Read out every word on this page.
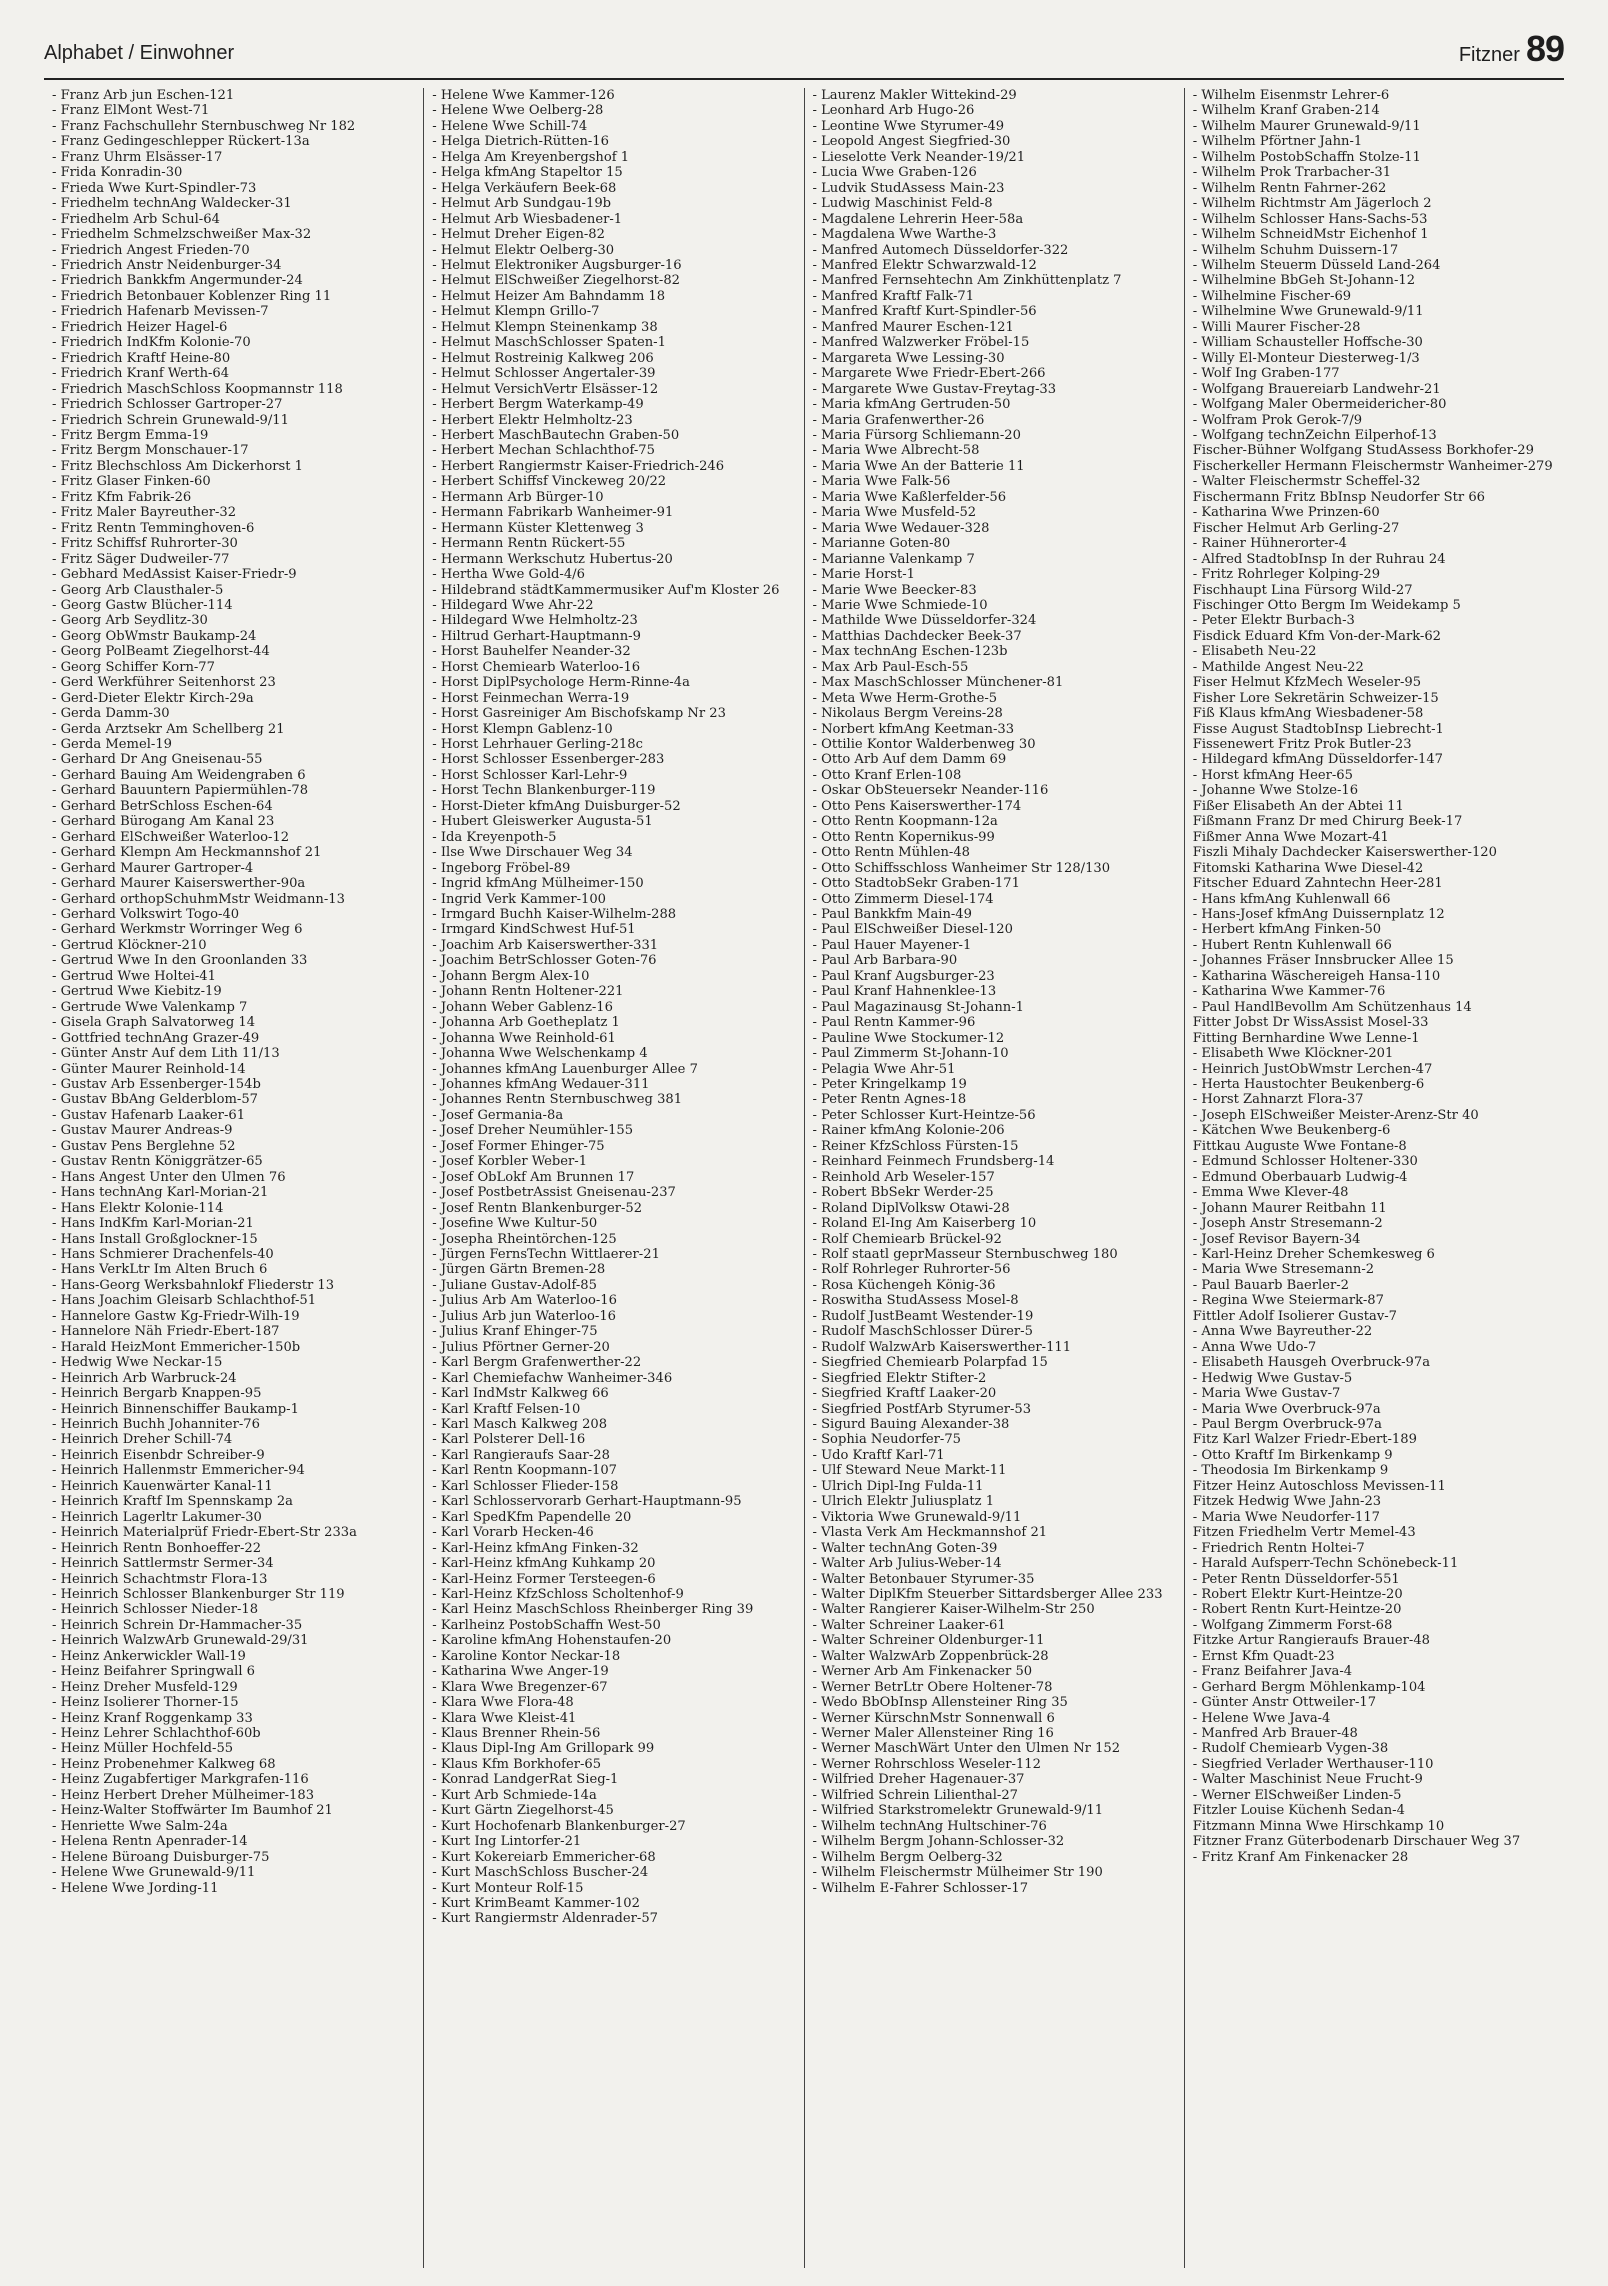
Alphabet / Einwohner	Fitzner 89
- Franz Arb jun Eschen-121
- Franz ElMont West-71
- Franz Fachschullehr Sternbuschweg Nr 182
- Franz Gedingeschlepper Rückert-13a
- Franz Uhrm Elsässer-17
- Frida Konradin-30
- Frieda Wwe Kurt-Spindler-73
- Friedhelm technAng Waldecker-31
- Friedhelm Arb Schul-64
- Friedhelm Schmelzschweißer Max-32
- Friedrich Angest Frieden-70
- Friedrich Anstr Neidenburger-34
- Friedrich Bankkfm Angermunder-24
- Friedrich Betonbauer Koblenzer Ring 11
- Friedrich Hafenarb Mevissen-7
- Friedrich Heizer Hagel-6
- Friedrich IndKfm Kolonie-70
- Friedrich Kraftf Heine-80
- Friedrich Kranf Werth-64
- Friedrich MaschSchloss Koopmannstr 118
- Friedrich Schlosser Gartroper-27
- Friedrich Schrein Grunewald-9/11
- Fritz Bergm Emma-19
- Fritz Bergm Monschauer-17
- Fritz Blechschloss Am Dickerhorst 1
- Fritz Glaser Finken-60
- Fritz Kfm Fabrik-26
- Fritz Maler Bayreuther-32
- Fritz Rentn Temminghoven-6
- Fritz Schiffsf Ruhrorter-30
- Fritz Säger Dudweiler-77
- Gebhard MedAssist Kaiser-Friedr-9
- Georg Arb Clausthaler-5
- Georg Gastw Blücher-114
- Georg Arb Seydlitz-30
- Georg ObWmstr Baukamp-24
- Georg PolBeamt Ziegelhorst-44
- Georg Schiffer Korn-77
- Gerd Werkführer Seitenhorst 23
- Gerd-Dieter Elektr Kirch-29a
- Gerda Damm-30
- Gerda Arztsekr Am Schellberg 21
- Gerda Memel-19
- Gerhard Dr Ang Gneisenau-55
- Gerhard Bauing Am Weidengraben 6
- Gerhard Bauuntern Papiermühlen-78
- Gerhard BetrSchloss Eschen-64
- Gerhard Bürogang Am Kanal 23
- Gerhard ElSchweißer Waterloo-12
- Gerhard Klempn Am Heckmannshof 21
- Gerhard Maurer Gartroper-4
- Gerhard Maurer Kaiserswerther-90a
- Gerhard orthopSchuhmMstr Weidmann-13
- Gerhard Volkswirt Togo-40
- Gerhard Werkmstr Worringer Weg 6
- Gertrud Klöckner-210
- Gertrud Wwe In den Groonlanden 33
- Gertrud Wwe Holtei-41
- Gertrud Wwe Kiebitz-19
- Gertrude Wwe Valenkamp 7
- Gisela Graph Salvatorweg 14
- Gottfried technAng Grazer-49
- Günter Anstr Auf dem Lith 11/13
- Günter Maurer Reinhold-14
- Gustav Arb Essenberger-154b
- Gustav BbAng Gelderblom-57
- Gustav Hafenarb Laaker-61
- Gustav Maurer Andreas-9
- Gustav Pens Berglehne 52
- Gustav Rentn Königgrätzer-65
- Hans Angest Unter den Ulmen 76
- Hans technAng Karl-Morian-21
- Hans Elektr Kolonie-114
- Hans IndKfm Karl-Morian-21
- Hans Install Großglockner-15
- Hans Schmierer Drachenfels-40
- Hans VerkLtr Im Alten Bruch 6
- Hans-Georg Werksbahnlokf Fliederstr 13
- Hans Joachim Gleisarb Schlachthof-51
- Hannelore Gastw Kg-Friedr-Wilh-19
- Hannelore Näh Friedr-Ebert-187
- Harald HeizMont Emmericher-150b
- Hedwig Wwe Neckar-15
- Heinrich Arb Warbruck-24
- Heinrich Bergarb Knappen-95
- Heinrich Binnenschiffer Baukamp-1
- Heinrich Buchh Johanniter-76
- Heinrich Dreher Schill-74
- Heinrich Eisenbdr Schreiber-9
- Heinrich Hallenmstr Emmericher-94
- Heinrich Kauenwärter Kanal-11
- Heinrich Kraftf Im Spennskamp 2a
- Heinrich Lagerltr Lakumer-30
- Heinrich Materialprüf Friedr-Ebert-Str 233a
- Heinrich Rentn Bonhoeffer-22
- Heinrich Sattlermstr Sermer-34
- Heinrich Schachtmstr Flora-13
- Heinrich Schlosser Blankenburger Str 119
- Heinrich Schlosser Nieder-18
- Heinrich Schrein Dr-Hammacher-35
- Heinrich WalzwArb Grunewald-29/31
- Heinz Ankerwickler Wall-19
- Heinz Beifahrer Springwall 6
- Heinz Dreher Musfeld-129
- Heinz Isolierer Thorner-15
- Heinz Kranf Roggenkamp 33
- Heinz Lehrer Schlachthof-60b
- Heinz Müller Hochfeld-55
- Heinz Probenehmer Kalkweg 68
- Heinz Zugabfertiger Markgrafen-116
- Heinz Herbert Dreher Mülheimer-183
- Heinz-Walter Stoffwärter Im Baumhof 21
- Henriette Wwe Salm-24a
- Helena Rentn Apenrader-14
- Helene Büroang Duisburger-75
- Helene Wwe Grunewald-9/11
- Helene Wwe Jording-11
- Helene Wwe Kammer-126
- Helene Wwe Oelberg-28
- Helene Wwe Schill-74
- Helga Dietrich-Rütten-16
- Helga Am Kreyenbergshof 1
- Helga kfmAng Stapeltor 15
- Helga Verkäufern Beek-68
- Helmut Arb Sundgau-19b
- Helmut Arb Wiesbadener-1
- Helmut Dreher Eigen-82
- Helmut Elektr Oelberg-30
- Helmut Elektroniker Augsburger-16
- Helmut ElSchweißer Ziegelhorst-82
- Helmut Heizer Am Bahndamm 18
- Helmut Klempn Grillo-7
- Helmut Klempn Steinenkamp 38
- Helmut MaschSchlosser Spaten-1
- Helmut Rostreinig Kalkweg 206
- Helmut Schlosser Angertaler-39
- Helmut VersichVertr Elsässer-12
- Herbert Bergm Waterkamp-49
- Herbert Elektr Helmholtz-23
- Herbert MaschBautechn Graben-50
- Herbert Mechan Schlachthof-75
- Herbert Rangiermstr Kaiser-Friedrich-246
- Herbert Schiffsf Vinckeweg 20/22
- Hermann Arb Bürger-10
- Hermann Fabrikarb Wanheimer-91
- Hermann Küster Klettenweg 3
- Hermann Rentn Rückert-55
- Hermann Werkschutz Hubertus-20
- Hertha Wwe Gold-4/6
- Hildebrand städtKammermusiker Auf'm Kloster 26
- Hildegard Wwe Ahr-22
- Hildegard Wwe Helmholtz-23
- Hiltrud Gerhart-Hauptmann-9
- Horst Bauhelfer Neander-32
- Horst Chemiearb Waterloo-16
- Horst DiplPsychologe Herm-Rinne-4a
- Horst Feinmechan Werra-19
- Horst Gasreiniger Am Bischofskamp Nr 23
- Horst Klempn Gablenz-10
- Horst Lehrhauer Gerling-218c
- Horst Schlosser Essenberger-283
- Horst Schlosser Karl-Lehr-9
- Horst Techn Blankenburger-119
- Horst-Dieter kfmAng Duisburger-52
- Hubert Gleiswerker Augusta-51
- Ida Kreyenpoth-5
- Ilse Wwe Dirschauer Weg 34
- Ingeborg Fröbel-89
- Ingrid kfmAng Mülheimer-150
- Ingrid Verk Kammer-100
- Irmgard Buchh Kaiser-Wilhelm-288
- Irmgard KindSchwest Huf-51
- Joachim Arb Kaiserswerther-331
- Joachim BetrSchlosser Goten-76
- Johann Bergm Alex-10
- Johann Rentn Holtener-221
- Johann Weber Gablenz-16
- Johanna Arb Goetheplatz 1
- Johanna Wwe Reinhold-61
- Johanna Wwe Welschenkamp 4
- Johannes kfmAng Lauenburger Allee 7
- Johannes kfmAng Wedauer-311
- Johannes Rentn Sternbuschweg 381
- Josef Germania-8a
- Josef Dreher Neumühler-155
- Josef Former Ehinger-75
- Josef Korbler Weber-1
- Josef ObLokf Am Brunnen 17
- Josef PostbetrAssist Gneisenau-237
- Josef Rentn Blankenburger-52
- Josefine Wwe Kultur-50
- Josepha Rheintörchen-125
- Jürgen FernsTechn Wittlaerer-21
- Jürgen Gärtn Bremen-28
- Juliane Gustav-Adolf-85
- Julius Arb Am Waterloo-16
- Julius Arb jun Waterloo-16
- Julius Kranf Ehinger-75
- Julius Pförtner Gerner-20
- Karl Bergm Grafenwerther-22
- Karl Chemiefachw Wanheimer-346
- Karl IndMstr Kalkweg 66
- Karl Kraftf Felsen-10
- Karl Masch Kalkweg 208
- Karl Polsterer Dell-16
- Karl Rangieraufs Saar-28
- Karl Rentn Koopmann-107
- Karl Schlosser Flieder-158
- Karl Schlosservorarb Gerhart-Hauptmann-95
- Karl SpedKfm Papendelle 20
- Karl Vorarb Hecken-46
- Karl-Heinz kfmAng Finken-32
- Karl-Heinz kfmAng Kuhkamp 20
- Karl-Heinz Former Tersteegen-6
- Karl-Heinz KfzSchloss Scholtenhof-9
- Karl Heinz MaschSchloss Rheinberger Ring 39
- Karlheinz PostobSchaffn West-50
- Karoline kfmAng Hohenstaufen-20
- Karoline Kontor Neckar-18
- Katharina Wwe Anger-19
- Klara Wwe Bregenzer-67
- Klara Wwe Flora-48
- Klara Wwe Kleist-41
- Klaus Brenner Rhein-56
- Klaus Dipl-Ing Am Grillopark 99
- Klaus Kfm Borkhofer-65
- Konrad LandgerRat Sieg-1
- Kurt Arb Schmiede-14a
- Kurt Gärtn Ziegelhorst-45
- Kurt Hochofenarb Blankenburger-27
- Kurt Ing Lintorfer-21
- Kurt Kokereiarb Emmericher-68
- Kurt MaschSchloss Buscher-24
- Kurt Monteur Rolf-15
- Kurt KrimBeamt Kammer-102
- Kurt Rangiermstr Aldenrader-57
- Laurenz Makler Wittekind-29
- Leonhard Arb Hugo-26
- Leontine Wwe Styrumer-49
- Leopold Angest Siegfried-30
- Lieselotte Verk Neander-19/21
- Lucia Wwe Graben-126
- Ludvik StudAssess Main-23
- Ludwig Maschinist Feld-8
- Magdalene Lehrerin Heer-58a
- Magdalena Wwe Warthe-3
- Manfred Automech Düsseldorfer-322
- Manfred Elektr Schwarzwald-12
- Manfred Fernsehtechn Am Zinkhüttenplatz 7
- Manfred Kraftf Falk-71
- Manfred Kraftf Kurt-Spindler-56
- Manfred Maurer Eschen-121
- Manfred Walzwerker Fröbel-15
- Margareta Wwe Lessing-30
- Margarete Wwe Friedr-Ebert-266
- Margarete Wwe Gustav-Freytag-33
- Maria kfmAng Gertruden-50
- Maria Grafenwerther-26
- Maria Fürsorg Schliemann-20
- Maria Wwe Albrecht-58
- Maria Wwe An der Batterie 11
- Maria Wwe Falk-56
- Maria Wwe Kaßlerfelder-56
- Maria Wwe Musfeld-52
- Maria Wwe Wedauer-328
- Marianne Goten-80
- Marianne Valenkamp 7
- Marie Horst-1
- Marie Wwe Beecker-83
- Marie Wwe Schmiede-10
- Mathilde Wwe Düsseldorfer-324
- Matthias Dachdecker Beek-37
- Max technAng Eschen-123b
- Max Arb Paul-Esch-55
- Max MaschSchlosser Münchener-81
- Meta Wwe Herm-Grothe-5
- Nikolaus Bergm Vereins-28
- Norbert kfmAng Keetman-33
- Ottilie Kontor Walderbenweg 30
- Otto Arb Auf dem Damm 69
- Otto Kranf Erlen-108
- Oskar ObSteuersekr Neander-116
- Otto Pens Kaiserswerther-174
- Otto Rentn Koopmann-12a
- Otto Rentn Kopernikus-99
- Otto Rentn Mühlen-48
- Otto Schiffsschloss Wanheimer Str 128/130
- Otto StadtobSekr Graben-171
- Otto Zimmerm Diesel-174
- Paul Bankkfm Main-49
- Paul ElSchweißer Diesel-120
- Paul Hauer Mayener-1
- Paul Arb Barbara-90
- Paul Kranf Augsburger-23
- Paul Kranf Hahnenklee-13
- Paul Magazinausg St-Johann-1
- Paul Rentn Kammer-96
- Pauline Wwe Stockumer-12
- Paul Zimmerm St-Johann-10
- Pelagia Wwe Ahr-51
- Peter Kringelkamp 19
- Peter Rentn Agnes-18
- Peter Schlosser Kurt-Heintze-56
- Rainer kfmAng Kolonie-206
- Reiner KfzSchloss Fürsten-15
- Reinhard Feinmech Frundsberg-14
- Reinhold Arb Weseler-157
- Robert BbSekr Werder-25
- Roland DiplVolksw Otawi-28
- Roland El-Ing Am Kaiserberg 10
- Rolf Chemiearb Brückel-92
- Rolf staatl geprMasseur Sternbuschweg 180
- Rolf Rohrleger Ruhrorter-56
- Rosa Küchengeh König-36
- Roswitha StudAssess Mosel-8
- Rudolf JustBeamt Westender-19
- Rudolf MaschSchlosser Dürer-5
- Rudolf WalzwArb Kaiserswerther-111
- Siegfried Chemiearb Polarpfad 15
- Siegfried Elektr Stifter-2
- Siegfried Kraftf Laaker-20
- Siegfried PostfArb Styrumer-53
- Sigurd Bauing Alexander-38
- Sophia Neudorfer-75
- Udo Kraftf Karl-71
- Ulf Steward Neue Markt-11
- Ulrich Dipl-Ing Fulda-11
- Ulrich Elektr Juliusplatz 1
- Viktoria Wwe Grunewald-9/11
- Vlasta Verk Am Heckmannshof 21
- Walter technAng Goten-39
- Walter Arb Julius-Weber-14
- Walter Betonbauer Styrumer-35
- Walter DiplKfm Steuerber Sittardsberger Allee 233
- Walter Rangierer Kaiser-Wilhelm-Str 250
- Walter Schreiner Laaker-61
- Walter Schreiner Oldenburger-11
- Walter WalzwArb Zoppenbrück-28
- Werner Arb Am Finkenacker 50
- Werner BetrLtr Obere Holtener-78
- Wedo BbObInsp Allensteiner Ring 35
- Werner KürschnMstr Sonnenwall 6
- Werner Maler Allensteiner Ring 16
- Werner MaschWärt Unter den Ulmen Nr 152
- Werner Rohrschloss Weseler-112
- Wilfried Dreher Hagenauer-37
- Wilfried Schrein Lilienthal-27
- Wilfried Starkstromelektr Grunewald-9/11
- Wilhelm technAng Hultschiner-76
- Wilhelm Bergm Johann-Schlosser-32
- Wilhelm Bergm Oelberg-32
- Wilhelm Fleischermstr Mülheimer Str 190
- Wilhelm E-Fahrer Schlosser-17
- Wilhelm Eisenmstr Lehrer-6
- Wilhelm Kranf Graben-214
- Wilhelm Maurer Grunewald-9/11
- Wilhelm Pförtner Jahn-1
- Wilhelm PostobSchaffn Stolze-11
- Wilhelm Prok Trarbacher-31
- Wilhelm Rentn Fahrner-262
- Wilhelm Richtmstr Am Jägerloch 2
- Wilhelm Schlosser Hans-Sachs-53
- Wilhelm SchneidMstr Eichenhof 1
- Wilhelm Schuhm Duissern-17
- Wilhelm Steuerm Düsseld Land-264
- Wilhelmine BbGeh St-Johann-12
- Wilhelmine Fischer-69
- Wilhelmine Wwe Grunewald-9/11
- Willi Maurer Fischer-28
- William Schausteller Hoffsche-30
- Willy El-Monteur Diesterweg-1/3
- Wolf Ing Graben-177
- Wolfgang Brauereiarb Landwehr-21
- Wolfgang Maler Obermeidericher-80
- Wolfram Prok Gerok-7/9
- Wolfgang technZeichn Eilperhof-13
Fischer-Bühner Wolfgang StudAssess Borkhofer-29
Fischerkeller Hermann Fleischermstr Wanheimer-279
- Walter Fleischermstr Scheffel-32
Fischermann Fritz BbInsp Neudorfer Str 66
- Katharina Wwe Prinzen-60
Fischer Helmut Arb Gerling-27
- Rainer Hühnerorter-4
- Alfred StadtobInsp In der Ruhrau 24
- Fritz Rohrleger Kolping-29
Fischhaupt Lina Fürsorg Wild-27
Fischinger Otto Bergm Im Weidekamp 5
- Peter Elektr Burbach-3
Fisdick Eduard Kfm Von-der-Mark-62
- Elisabeth Neu-22
- Mathilde Angest Neu-22
Fiser Helmut KfzMech Weseler-95
Fisher Lore Sekretärin Schweizer-15
Fiß Klaus kfmAng Wiesbadener-58
Fisse August StadtobInsp Liebrecht-1
Fissenewert Fritz Prok Butler-23
- Hildegard kfmAng Düsseldorfer-147
- Horst kfmAng Heer-65
- Johanne Wwe Stolze-16
Fißer Elisabeth An der Abtei 11
Fißmann Franz Dr med Chirurg Beek-17
Fißmer Anna Wwe Mozart-41
Fiszli Mihaly Dachdecker Kaiserswerther-120
Fitomski Katharina Wwe Diesel-42
Fitscher Eduard Zahntechn Heer-281
- Hans kfmAng Kuhlenwall 66
- Hans-Josef kfmAng Duissernplatz 12
- Herbert kfmAng Finken-50
- Hubert Rentn Kuhlenwall 66
- Johannes Fräser Innsbrucker Allee 15
- Katharina Wäschereigeh Hansa-110
- Katharina Wwe Kammer-76
- Paul HandlBevollm Am Schützenhaus 14
Fitter Jobst Dr WissAssist Mosel-33
Fitting Bernhardine Wwe Lenne-1
- Elisabeth Wwe Klöckner-201
- Heinrich JustObWmstr Lerchen-47
- Herta Haustochter Beukenberg-6
- Horst Zahnarzt Flora-37
- Joseph ElSchweißer Meister-Arenz-Str 40
- Kätchen Wwe Beukenberg-6
Fittkau Auguste Wwe Fontane-8
- Edmund Schlosser Holtener-330
- Edmund Oberbauarb Ludwig-4
- Emma Wwe Klever-48
- Johann Maurer Reitbahn 11
- Joseph Anstr Stresemann-2
- Josef Revisor Bayern-34
- Karl-Heinz Dreher Schemkesweg 6
- Maria Wwe Stresemann-2
- Paul Bauarb Baerler-2
- Regina Wwe Steiermark-87
Fittler Adolf Isolierer Gustav-7
- Anna Wwe Bayreuther-22
- Anna Wwe Udo-7
- Elisabeth Hausgeh Overbruck-97a
- Hedwig Wwe Gustav-5
- Maria Wwe Gustav-7
- Maria Wwe Overbruck-97a
- Paul Bergm Overbruck-97a
Fitz Karl Walzer Friedr-Ebert-189
- Otto Kraftf Im Birkenkamp 9
- Theodosia Im Birkenkamp 9
Fitzer Heinz Autoschloss Mevissen-11
Fitzek Hedwig Wwe Jahn-23
- Maria Wwe Neudorfer-117
Fitzen Friedhelm Vertr Memel-43
- Friedrich Rentn Holtei-7
- Harald Aufsperr-Techn Schönebeck-11
- Peter Rentn Düsseldorfer-551
- Robert Elektr Kurt-Heintze-20
- Robert Rentn Kurt-Heintze-20
- Wolfgang Zimmerm Forst-68
Fitzke Artur Rangieraufs Brauer-48
- Ernst Kfm Quadt-23
- Franz Beifahrer Java-4
- Gerhard Bergm Möhlenkamp-104
- Günter Anstr Ottweiler-17
- Helene Wwe Java-4
- Manfred Arb Brauer-48
- Rudolf Chemiearb Vygen-38
- Siegfried Verlader Werthauser-110
- Walter Maschinist Neue Frucht-9
- Werner ElSchweißer Linden-5
Fitzler Louise Küchenh Sedan-4
Fitzmann Minna Wwe Hirschkamp 10
Fitzner Franz Güterbodenarb Dirschauer Weg 37
- Fritz Kranf Am Finkenacker 28
